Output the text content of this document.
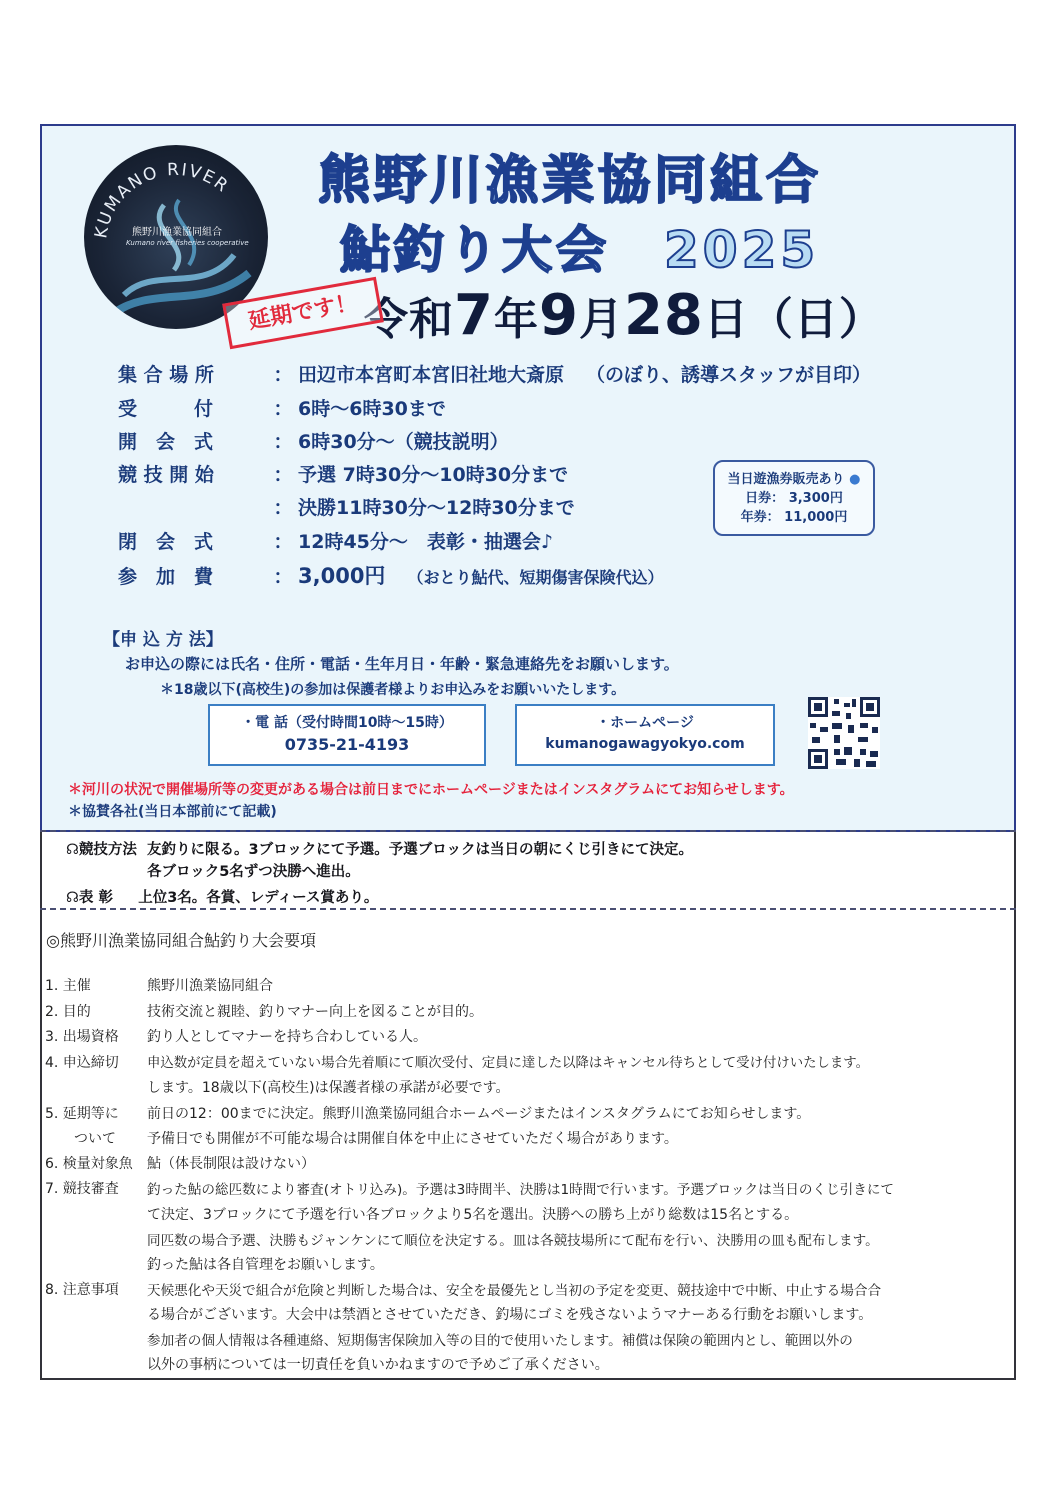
KUMANO RIVER
熊野川漁業協同組合
Kumano river fisheries cooperative
熊野川漁業協同組合
鮎釣り大会　2025
令和7年9月28日（日）
延期です！
集 合 場 所	： 田辺市本宮町本宮旧社地大斎原 （のぼり、誘導スタッフが目印）
受　　　付	： 6時～6時30まで
開　会　式	： 6時30分～（競技説明）
競 技 開 始	： 予選 7時30分～10時30分まで
： 決勝11時30分～12時30分まで
閉　会　式	： 12時45分～　表彰・抽選会♪
参　加　費	： 3,000円 （おとり鮎代、短期傷害保険代込）
当日遊漁券販売あり ●
日券： 3,300円
年券： 11,000円
【申 込 方 法】
お申込の際には氏名・住所・電話・生年月日・年齢・緊急連絡先をお願いします。
＊18歳以下(高校生)の参加は保護者様よりお申込みをお願いいたします。
・電 話（受付時間10時～15時）
0735-21-4193
・ホームページ
kumanogawagyokyo.com
＊河川の状況で開催場所等の変更がある場合は前日までにホームページまたはインスタグラムにてお知らせします。
＊協賛各社(当日本部前にて記載)
☊競技方法 友釣りに限る。3ブロックにて予選。予選ブロックは当日の朝にくじ引きにて決定。
各ブロック5名ずつ決勝へ進出。
☊表 彰 上位3名。各賞、レディース賞あり。
◎熊野川漁業協同組合鮎釣り大会要項
1. 主催	熊野川漁業協同組合
2. 目的	技術交流と親睦、釣りマナー向上を図ることが目的。
3. 出場資格 釣り人としてマナーを持ち合わしている人。
4. 申込締切 申込数が定員を超えていない場合先着順にて順次受付、定員に達した以降はキャンセル待ちとして受け付けいたします。
します。18歳以下(高校生)は保護者様の承諾が必要です。
5. 延期等に
ついて
前日の12：00までに決定。熊野川漁業協同組合ホームページまたはインスタグラムにてお知らせします。
予備日でも開催が不可能な場合は開催自体を中止にさせていただく場合があります。
6. 検量対象魚 鮎（体長制限は設けない）
7. 競技審査 釣った鮎の総匹数により審査(オトリ込み)。予選は3時間半、決勝は1時間で行います。予選ブロックは当日のくじ引きにて
て決定、3ブロックにて予選を行い各ブロックより5名を選出。決勝への勝ち上がり総数は15名とする。
同匹数の場合予選、決勝もジャンケンにて順位を決定する。皿は各競技場所にて配布を行い、決勝用の皿も配布します。
釣った鮎は各自管理をお願いします。
8. 注意事項 天候悪化や天災で組合が危険と判断した場合は、安全を最優先とし当初の予定を変更、競技途中で中断、中止する場合合
る場合がございます。大会中は禁酒とさせていただき、釣場にゴミを残さないようマナーある行動をお願いします。
参加者の個人情報は各種連絡、短期傷害保険加入等の目的で使用いたします。補償は保険の範囲内とし、範囲以外の
以外の事柄については一切責任を負いかねますので予めご了承ください。
